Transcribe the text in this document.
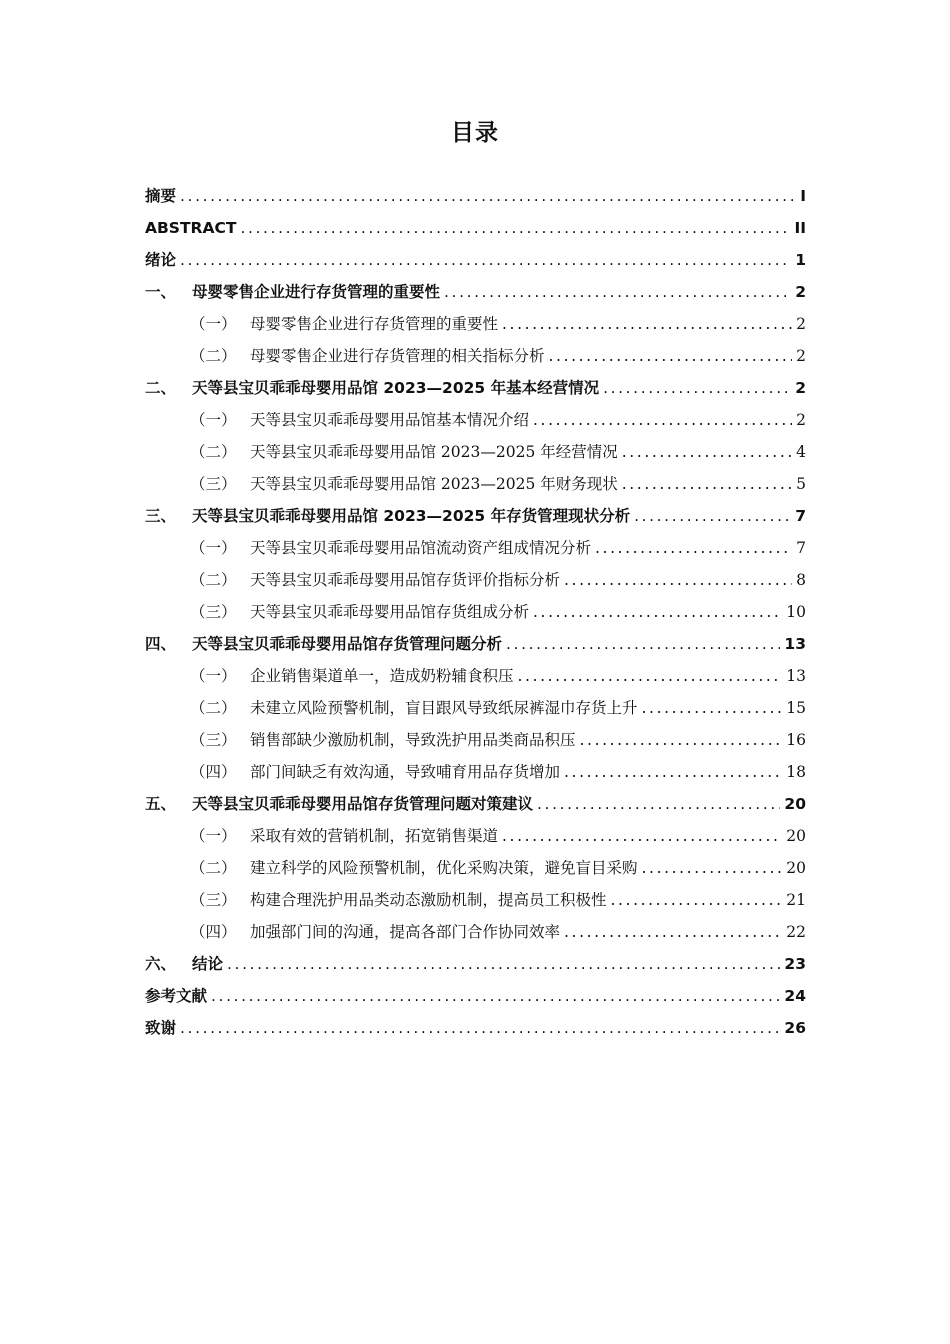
目录
摘要 .....	I
ABSTRACT .....	II
绪论 .....	1
一、	母婴零售企业进行存货管理的重要性 .....	2
（一） 母婴零售企业进行存货管理的重要性 .....	2
（二） 母婴零售企业进行存货管理的相关指标分析 .....	2
二、	天等县宝贝乖乖母婴用品馆 2023—2025 年基本经营情况 .....	2
（一） 天等县宝贝乖乖母婴用品馆基本情况介绍 .....	2
（二） 天等县宝贝乖乖母婴用品馆 2023—2025 年经营情况 .....	4
（三） 天等县宝贝乖乖母婴用品馆 2023—2025 年财务现状 .....	5
三、	天等县宝贝乖乖母婴用品馆 2023—2025 年存货管理现状分析 .....	7
（一） 天等县宝贝乖乖母婴用品馆流动资产组成情况分析 .....	7
（二） 天等县宝贝乖乖母婴用品馆存货评价指标分析 .....	8
（三） 天等县宝贝乖乖母婴用品馆存货组成分析 .....	10
四、	天等县宝贝乖乖母婴用品馆存货管理问题分析 .....	13
（一） 企业销售渠道单一，造成奶粉辅食积压 .....	13
（二） 未建立风险预警机制，盲目跟风导致纸尿裤湿巾存货上升 .....	15
（三） 销售部缺少激励机制，导致洗护用品类商品积压 .....	16
（四） 部门间缺乏有效沟通，导致哺育用品存货增加 .....	18
五、	天等县宝贝乖乖母婴用品馆存货管理问题对策建议 .....	20
（一） 采取有效的营销机制，拓宽销售渠道 .....	20
（二） 建立科学的风险预警机制，优化采购决策，避免盲目采购 .....	20
（三） 构建合理洗护用品类动态激励机制，提高员工积极性 .....	21
（四） 加强部门间的沟通，提高各部门合作协同效率 .....	22
六、	结论 .....	23
参考文献 .....	24
致谢 .....	26
